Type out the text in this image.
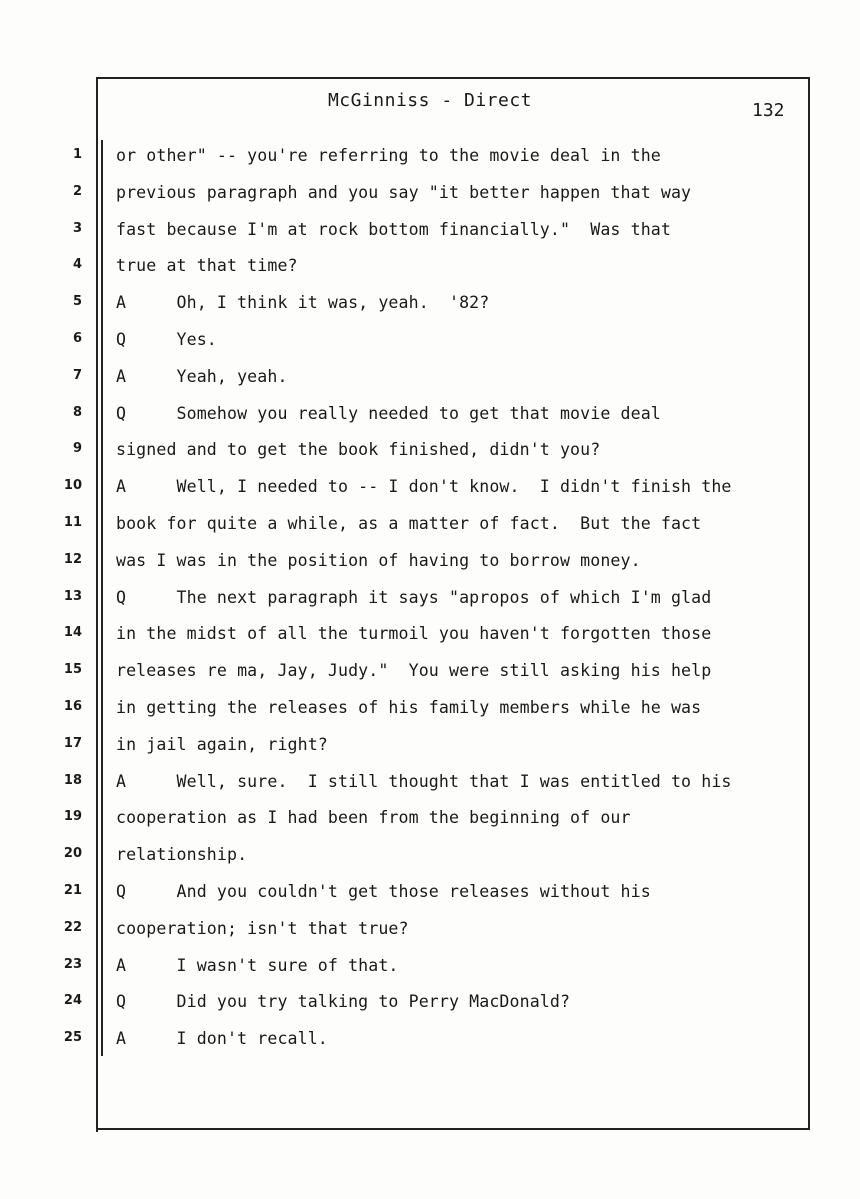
McGinniss - Direct	132
1 or other" -- you're referring to the movie deal in the
2 previous paragraph and you say "it better happen that way
3 fast because I'm at rock bottom financially."  Was that
4 true at that time?
5 A     Oh, I think it was, yeah.  '82?
6 Q     Yes.
7 A     Yeah, yeah.
8 Q     Somehow you really needed to get that movie deal
9 signed and to get the book finished, didn't you?
10 A     Well, I needed to -- I don't know.  I didn't finish the
11 book for quite a while, as a matter of fact.  But the fact
12 was I was in the position of having to borrow money.
13 Q     The next paragraph it says "apropos of which I'm glad
14 in the midst of all the turmoil you haven't forgotten those
15 releases re ma, Jay, Judy."  You were still asking his help
16 in getting the releases of his family members while he was
17 in jail again, right?
18 A     Well, sure.  I still thought that I was entitled to his
19 cooperation as I had been from the beginning of our
20 relationship.
21 Q     And you couldn't get those releases without his
22 cooperation; isn't that true?
23 A     I wasn't sure of that.
24 Q     Did you try talking to Perry MacDonald?
25 A     I don't recall.
